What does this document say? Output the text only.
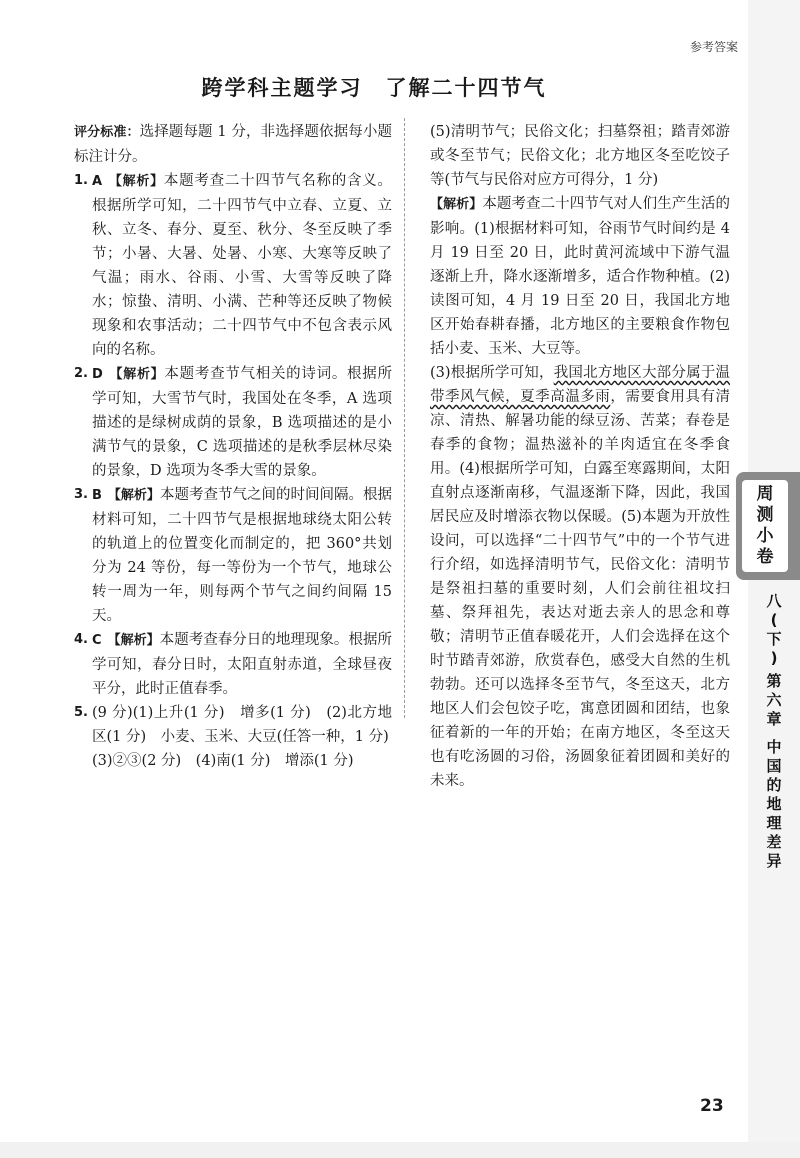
参考答案
跨学科主题学习　了解二十四节气

评分标准：选择题每题 1 分，非选择题依据每小题标注计分。

1. A 【解析】本题考查二十四节气名称的含义。根据所学可知，二十四节气中立春、立夏、立秋、立冬、春分、夏至、秋分、冬至反映了季节；小暑、大暑、处暑、小寒、大寒等反映了气温；雨水、谷雨、小雪、大雪等反映了降水；惊蛰、清明、小满、芒种等还反映了物候现象和农事活动；二十四节气中不包含表示风向的名称。
2. D 【解析】本题考查节气相关的诗词。根据所学可知，大雪节气时，我国处在冬季，A 选项描述的是绿树成荫的景象，B 选项描述的是小满节气的景象，C 选项描述的是秋季层林尽染的景象，D 选项为冬季大雪的景象。
3. B 【解析】本题考查节气之间的时间间隔。根据材料可知，二十四节气是根据地球绕太阳公转的轨道上的位置变化而制定的，把 360°共划分为 24 等份，每一等份为一个节气，地球公转一周为一年，则每两个节气之间约间隔 15 天。
4. C 【解析】本题考查春分日的地理现象。根据所学可知，春分日时，太阳直射赤道，全球昼夜平分，此时正值春季。
5. (9 分)(1)上升(1 分)　增多(1 分)　(2)北方地区(1 分)　小麦、玉米、大豆(任答一种，1 分)
(3)②③(2 分)　(4)南(1 分)　增添(1 分)

(5)清明节气；民俗文化；扫墓祭祖；踏青郊游或冬至节气；民俗文化；北方地区冬至吃饺子等(节气与民俗对应方可得分，1 分)

【解析】本题考查二十四节气对人们生产生活的影响。(1)根据材料可知，谷雨节气时间约是 4 月 19 日至 20 日，此时黄河流域中下游气温逐渐上升，降水逐渐增多，适合作物种植。(2)读图可知，4 月 19 日至 20 日，我国北方地区开始春耕春播，北方地区的主要粮食作物包括小麦、玉米、大豆等。

(3)根据所学可知，我国北方地区大部分属于温带季风气候，夏季高温多雨，需要食用具有清凉、清热、解暑功能的绿豆汤、苦菜；春卷是春季的食物；温热滋补的羊肉适宜在冬季食用。(4)根据所学可知，白露至寒露期间，太阳直射点逐渐南移，气温逐渐下降，因此，我国居民应及时增添衣物以保暖。(5)本题为开放性设问，可以选择“二十四节气”中的一个节气进行介绍，如选择清明节气，民俗文化：清明节是祭祖扫墓的重要时刻，人们会前往祖坟扫墓、祭拜祖先，表达对逝去亲人的思念和尊敬；清明节正值春暖花开，人们会选择在这个时节踏青郊游，欣赏春色，感受大自然的生机勃勃。还可以选择冬至节气，冬至这天，北方地区人们会包饺子吃，寓意团圆和团结，也象征着新的一年的开始；在南方地区，冬至这天也有吃汤圆的习俗，汤圆象征着团圆和美好的未来。

周
测
小
卷
八
(
下
)
第
六
章
中
国
的
地
理
差
异
23
